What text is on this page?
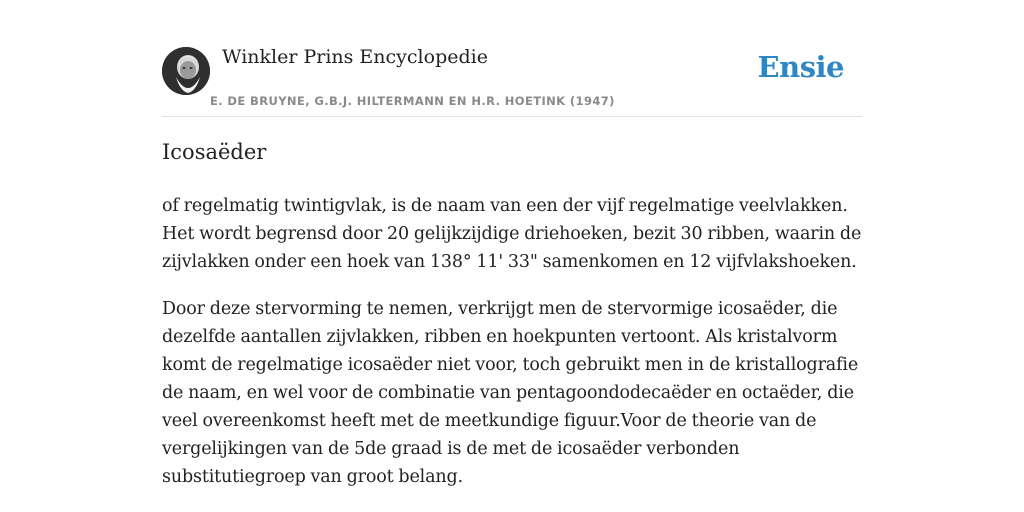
Winkler Prins Encyclopedie
E. DE BRUYNE, G.B.J. HILTERMANN EN H.R. HOETINK (1947)
Ensie
Icosaëder

of regelmatig twintigvlak, is de naam van een der vijf regelmatige veelvlakken. Het wordt begrensd door 20 gelijkzijdige driehoeken, bezit 30 ribben, waarin de zijvlakken onder een hoek van 138° 11' 33" samenkomen en 12 vijfvlakshoeken.

Door deze stervorming te nemen, verkrijgt men de stervormige icosaëder, die dezelfde aantallen zijvlakken, ribben en hoekpunten vertoont. Als kristalvorm komt de regelmatige icosaëder niet voor, toch gebruikt men in de kristallografie de naam, en wel voor de combinatie van pentagoondodecaëder en octaëder, die veel overeenkomst heeft met de meetkundige figuur.Voor de theorie van de vergelijkingen van de 5de graad is de met de icosaëder verbonden substitutiegroep van groot belang.
